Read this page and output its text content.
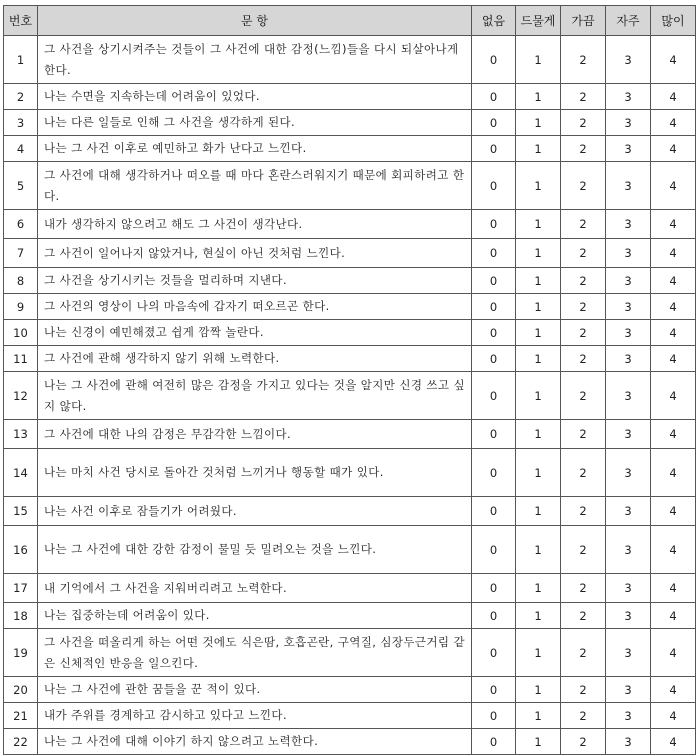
번호	문 항	없음	드물게	가끔	자주	많이
1	그 사건을 상기시켜주는 것들이 그 사건에 대한 감정(느낌)들을 다시 되살아나게 한다.	0	1	2	3	4
2	나는 수면을 지속하는데 어려움이 있었다.	0	1	2	3	4
3	나는 다른 일들로 인해 그 사건을 생각하게 된다.	0	1	2	3	4
4	나는 그 사건 이후로 예민하고 화가 난다고 느낀다.	0	1	2	3	4
5	그 사건에 대해 생각하거나 떠오를 때 마다 혼란스러워지기 때문에 회피하려고 한다.	0	1	2	3	4
6	내가 생각하지 않으려고 해도 그 사건이 생각난다.	0	1	2	3	4
7	그 사건이 일어나지 않았거나, 현실이 아닌 것처럼 느낀다.	0	1	2	3	4
8	그 사건을 상기시키는 것들을 멀리하며 지낸다.	0	1	2	3	4
9	그 사건의 영상이 나의 마음속에 갑자기 떠오르곤 한다.	0	1	2	3	4
10	나는 신경이 예민해졌고 쉽게 깜짝 놀란다.	0	1	2	3	4
11	그 사건에 관해 생각하지 않기 위해 노력한다.	0	1	2	3	4
12	나는 그 사건에 관해 여전히 많은 감정을 가지고 있다는 것을 알지만 신경 쓰고 싶지 않다.	0	1	2	3	4
13	그 사건에 대한 나의 감정은 무감각한 느낌이다.	0	1	2	3	4
14	나는 마치 사건 당시로 돌아간 것처럼 느끼거나 행동할 때가 있다.	0	1	2	3	4
15	나는 사건 이후로 잠들기가 어려웠다.	0	1	2	3	4
16	나는 그 사건에 대한 강한 감정이 물밀 듯 밀려오는 것을 느낀다.	0	1	2	3	4
17	내 기억에서 그 사건을 지워버리려고 노력한다.	0	1	2	3	4
18	나는 집중하는데 어려움이 있다.	0	1	2	3	4
19	그 사건을 떠올리게 하는 어떤 것에도 식은땀, 호흡곤란, 구역질, 심장두근거림 같은 신체적인 반응을 일으킨다.	0	1	2	3	4
20	나는 그 사건에 관한 꿈들을 꾼 적이 있다.	0	1	2	3	4
21	내가 주위를 경계하고 감시하고 있다고 느낀다.	0	1	2	3	4
22	나는 그 사건에 대해 이야기 하지 않으려고 노력한다.	0	1	2	3	4
